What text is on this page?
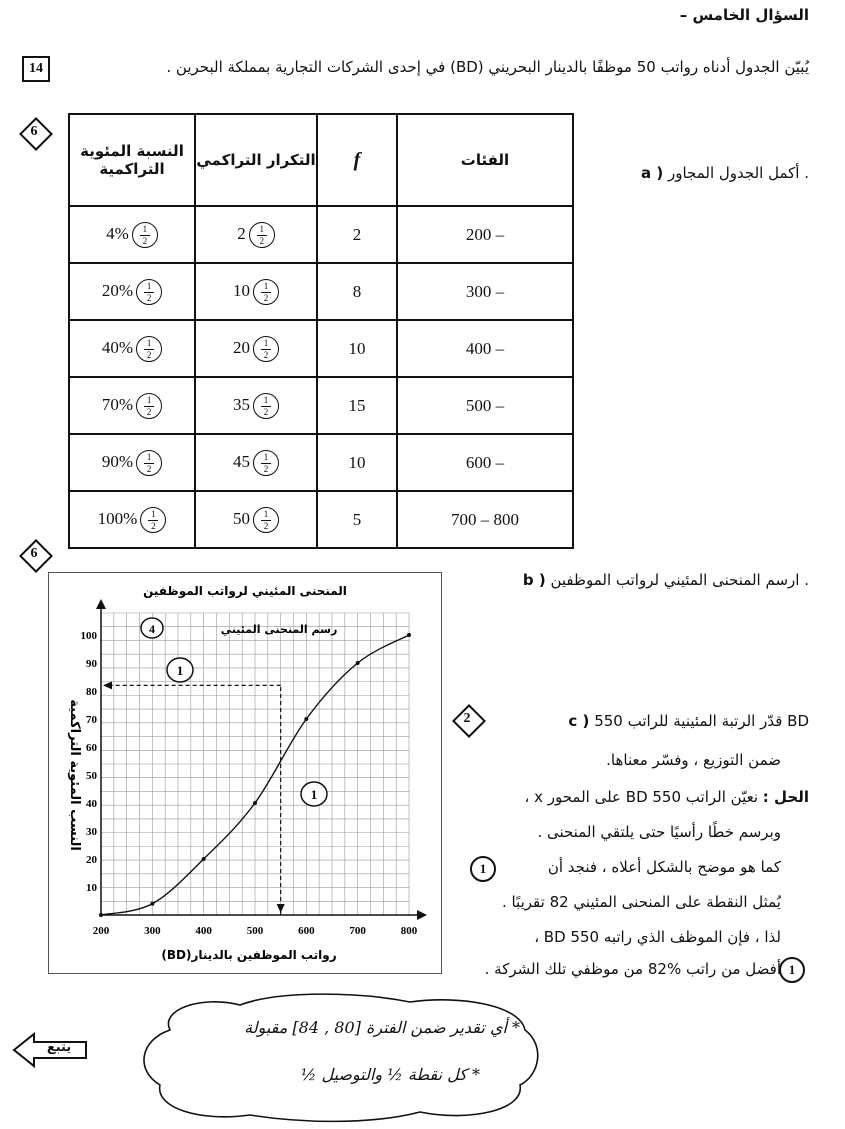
السؤال الخامس –
يُبيّن الجدول أدناه رواتب 50 موظفًا بالدينار البحريني (BD) في إحدى الشركات التجارية بمملكة البحرين .
14
6
النسبة المئوية التراكمية	التكرار التراكمي	f	الفئات
$4\% \frac{1}{2}$	$2 \frac{1}{2}$	2	200 –
$20\% \frac{1}{2}$	$10 \frac{1}{2}$	8	300 –
$40\% \frac{1}{2}$	$20 \frac{1}{2}$	10	400 –
$70\% \frac{1}{2}$	$35 \frac{1}{2}$	15	500 –
$90\% \frac{1}{2}$	$45 \frac{1}{2}$	10	600 –
$100\% \frac{1}{2}$	$50 \frac{1}{2}$	5	700 – 800
a ) أكمل الجدول المجاور .
6
b ) ارسم المنحنى المئيني لرواتب الموظفين .
المنحنى المئيني لرواتب الموظفين
200	300	400	500	600	700	800
10
20
30
40
50
60
70
80
90
100
رواتب الموظفين بالدينار(BD)
النسب المئوية التراكمية
رسم المنحنى المئيني
4
1
1
2	c ) قدّر الرتبة المئينية للراتب 550 BD
ضمن التوزيع ، وفسّر معناها.
الحل : نعيّن الراتب BD 550 على المحور x ،
وبرسم خطًا رأسيًا حتى يلتقي المنحنى .
كما هو موضح بالشكل أعلاه ، فنجد أن
1
يُمثل النقطة على المنحنى المئيني 82 تقريبًا .
لذا ، فإن الموظف الذي راتبه BD 550 ،
أفضل من راتب %82 من موظفي تلك الشركة . 1
يتبع
* أي تقدير ضمن الفترة [80 , 84] مقبولة
* كل نقطة ½ والتوصيل ½
